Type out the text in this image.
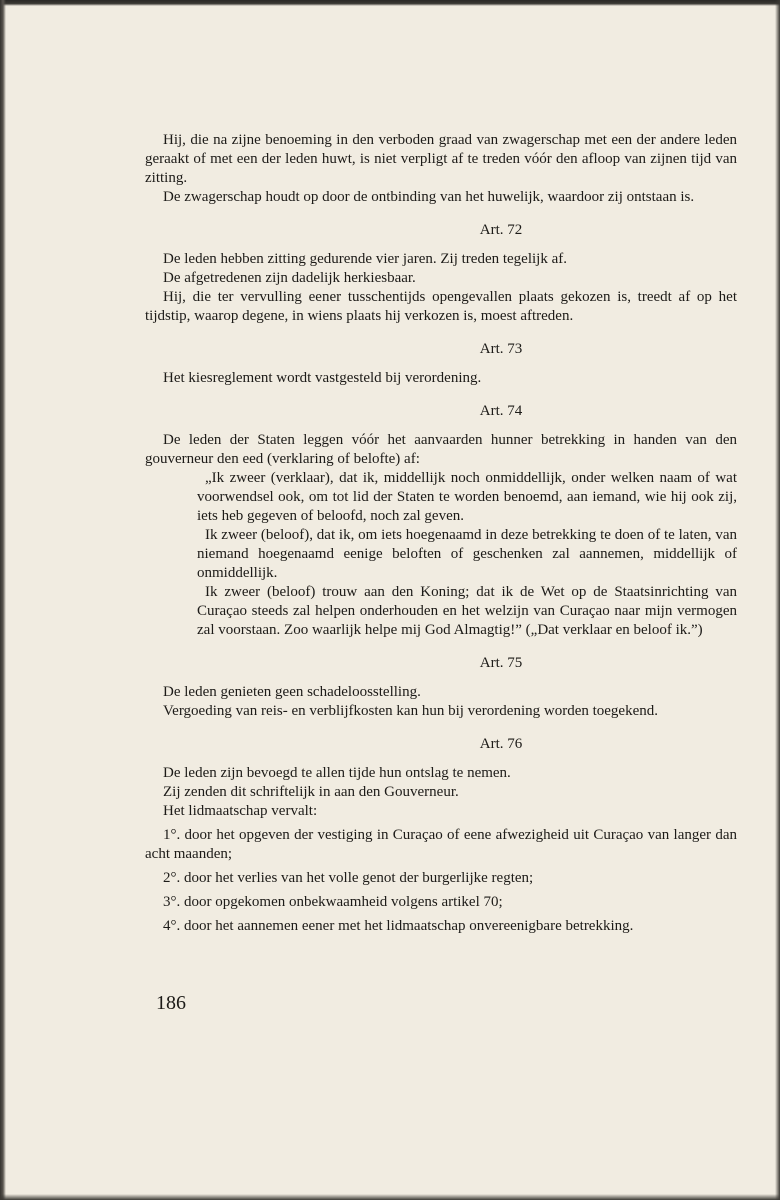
Hij, die na zijne benoeming in den verboden graad van zwagerschap met een der andere leden geraakt of met een der leden huwt, is niet verpligt af te treden vóór den afloop van zijnen tijd van zitting.

De zwagerschap houdt op door de ontbinding van het huwelijk, waardoor zij ontstaan is.

Art. 72

De leden hebben zitting gedurende vier jaren. Zij treden tegelijk af.

De afgetredenen zijn dadelijk herkiesbaar.

Hij, die ter vervulling eener tusschentijds opengevallen plaats gekozen is, treedt af op het tijdstip, waarop degene, in wiens plaats hij verkozen is, moest aftreden.

Art. 73

Het kiesreglement wordt vastgesteld bij verordening.

Art. 74

De leden der Staten leggen vóór het aanvaarden hunner betrekking in handen van den gouverneur den eed (verklaring of belofte) af:

„Ik zweer (verklaar), dat ik, middellijk noch onmiddellijk, onder welken naam of wat voorwendsel ook, om tot lid der Staten te worden benoemd, aan iemand, wie hij ook zij, iets heb gegeven of beloofd, noch zal geven.

Ik zweer (beloof), dat ik, om iets hoegenaamd in deze betrekking te doen of te laten, van niemand hoegenaamd eenige beloften of geschenken zal aannemen, middellijk of onmiddellijk.

Ik zweer (beloof) trouw aan den Koning; dat ik de Wet op de Staatsinrichting van Curaçao steeds zal helpen onderhouden en het welzijn van Curaçao naar mijn vermogen zal voorstaan. Zoo waarlijk helpe mij God Almagtig!” („Dat verklaar en beloof ik.”)

Art. 75

De leden genieten geen schadeloosstelling.

Vergoeding van reis- en verblijfkosten kan hun bij verordening worden toegekend.

Art. 76

De leden zijn bevoegd te allen tijde hun ontslag te nemen.

Zij zenden dit schriftelijk in aan den Gouverneur.

Het lidmaatschap vervalt:

1°. door het opgeven der vestiging in Curaçao of eene afwezigheid uit Curaçao van langer dan acht maanden;

2°. door het verlies van het volle genot der burgerlijke regten;

3°. door opgekomen onbekwaamheid volgens artikel 70;

4°. door het aannemen eener met het lidmaatschap onvereenigbare betrekking.

186
